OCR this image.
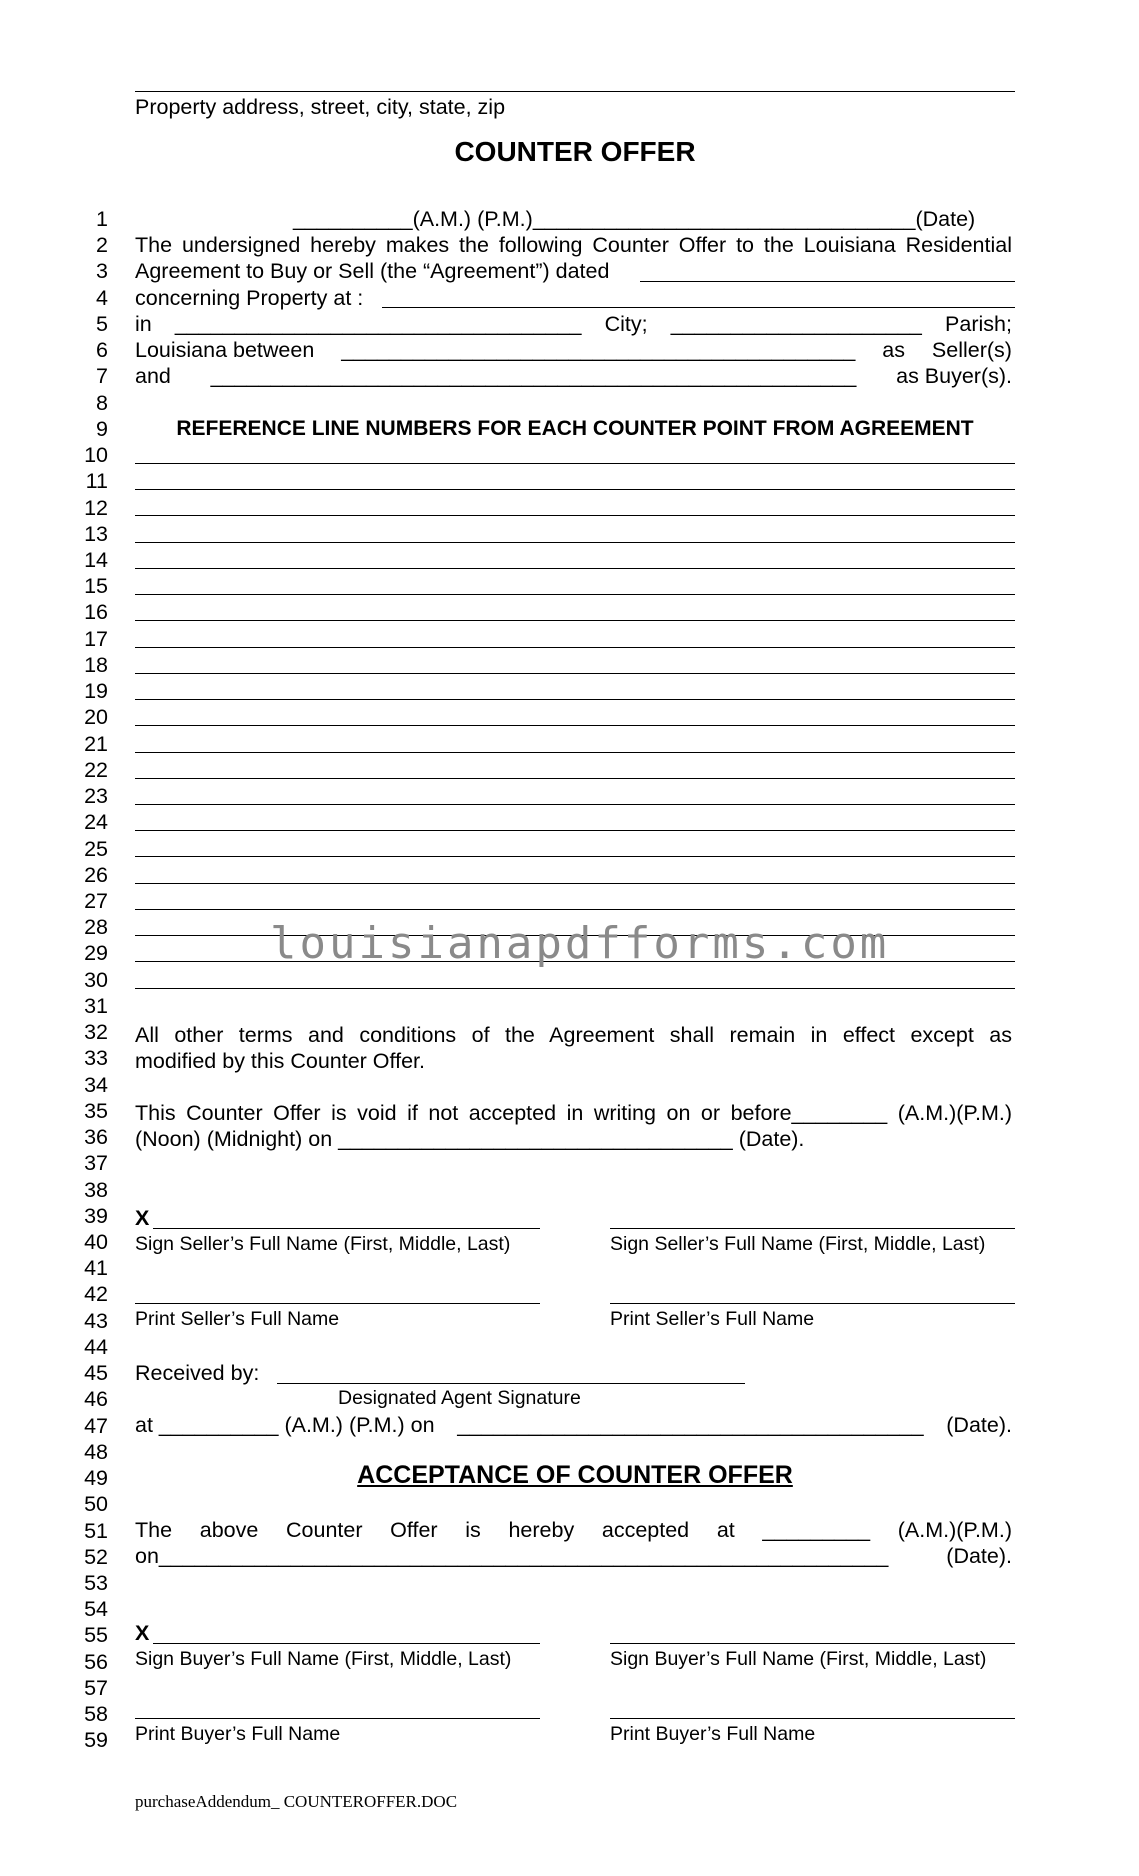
Property address, street, city, state, zip
COUNTER OFFER
1
2
3
4
5
6
7
8
9
10
11
12
13
14
15
16
17
18
19
20
21
22
23
24
25
26
27
28
29
30
31
32
33
34
35
36
37
38
39
40
41
42
43
44
45
46
47
48
49
50
51
52
53
54
55
56
57
58
59
__________(A.M.) (P.M.)________________________________(Date)
The undersigned hereby makes the following Counter Offer to the Louisiana Residential
Agreement to Buy or Sell (the “Agreement”) dated
concerning Property at :
in __________________________________ City; _____________________ Parish;
Louisiana between ___________________________________________ as Seller(s)
and ______________________________________________________ as Buyer(s).
REFERENCE LINE NUMBERS FOR EACH COUNTER POINT FROM AGREEMENT
louisianapdfforms.com
All other terms and conditions of the Agreement shall remain in effect except as
modified by this Counter Offer.
This Counter Offer is void if not accepted in writing on or before________ (A.M.)(P.M.)
(Noon) (Midnight) on _________________________________ (Date).
X
Sign Seller’s Full Name (First, Middle, Last)	Sign Seller’s Full Name (First, Middle, Last)
Print Seller’s Full Name	Print Seller’s Full Name
Received by:
Designated Agent Signature
at __________ (A.M.) (P.M.) on _______________________________________ (Date).
ACCEPTANCE OF COUNTER OFFER
The above Counter Offer is hereby accepted at _________ (A.M.)(P.M.)
on_____________________________________________________________	(Date).
X
Sign Buyer’s Full Name (First, Middle, Last)	Sign Buyer’s Full Name (First, Middle, Last)
Print Buyer’s Full Name	Print Buyer’s Full Name
purchaseAddendum_ COUNTEROFFER.DOC
